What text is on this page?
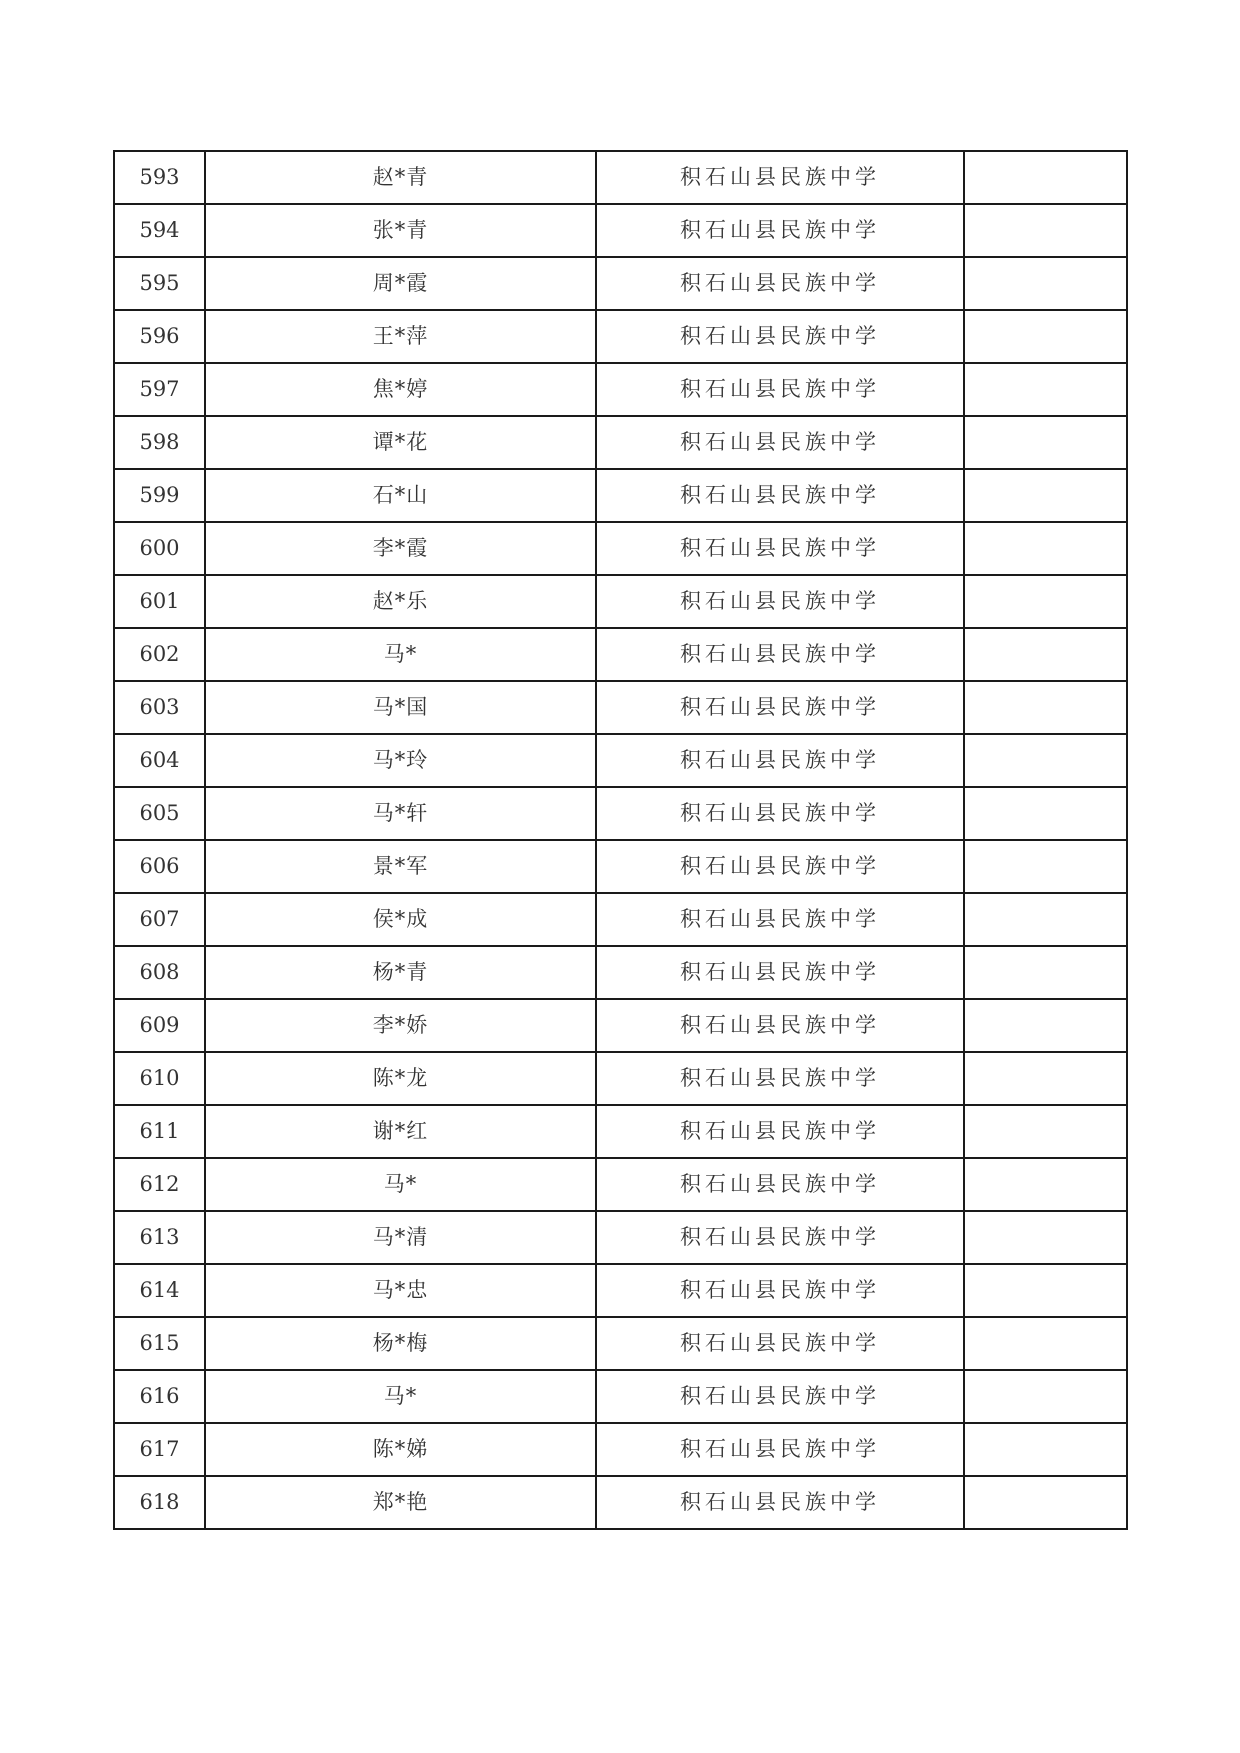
593	赵*青	积石山县民族中学	
594	张*青	积石山县民族中学	
595	周*霞	积石山县民族中学	
596	王*萍	积石山县民族中学	
597	焦*婷	积石山县民族中学	
598	谭*花	积石山县民族中学	
599	石*山	积石山县民族中学	
600	李*霞	积石山县民族中学	
601	赵*乐	积石山县民族中学	
602	马*	积石山县民族中学	
603	马*国	积石山县民族中学	
604	马*玲	积石山县民族中学	
605	马*轩	积石山县民族中学	
606	景*军	积石山县民族中学	
607	侯*成	积石山县民族中学	
608	杨*青	积石山县民族中学	
609	李*娇	积石山县民族中学	
610	陈*龙	积石山县民族中学	
611	谢*红	积石山县民族中学	
612	马*	积石山县民族中学	
613	马*清	积石山县民族中学	
614	马*忠	积石山县民族中学	
615	杨*梅	积石山县民族中学	
616	马*	积石山县民族中学	
617	陈*娣	积石山县民族中学	
618	郑*艳	积石山县民族中学	
